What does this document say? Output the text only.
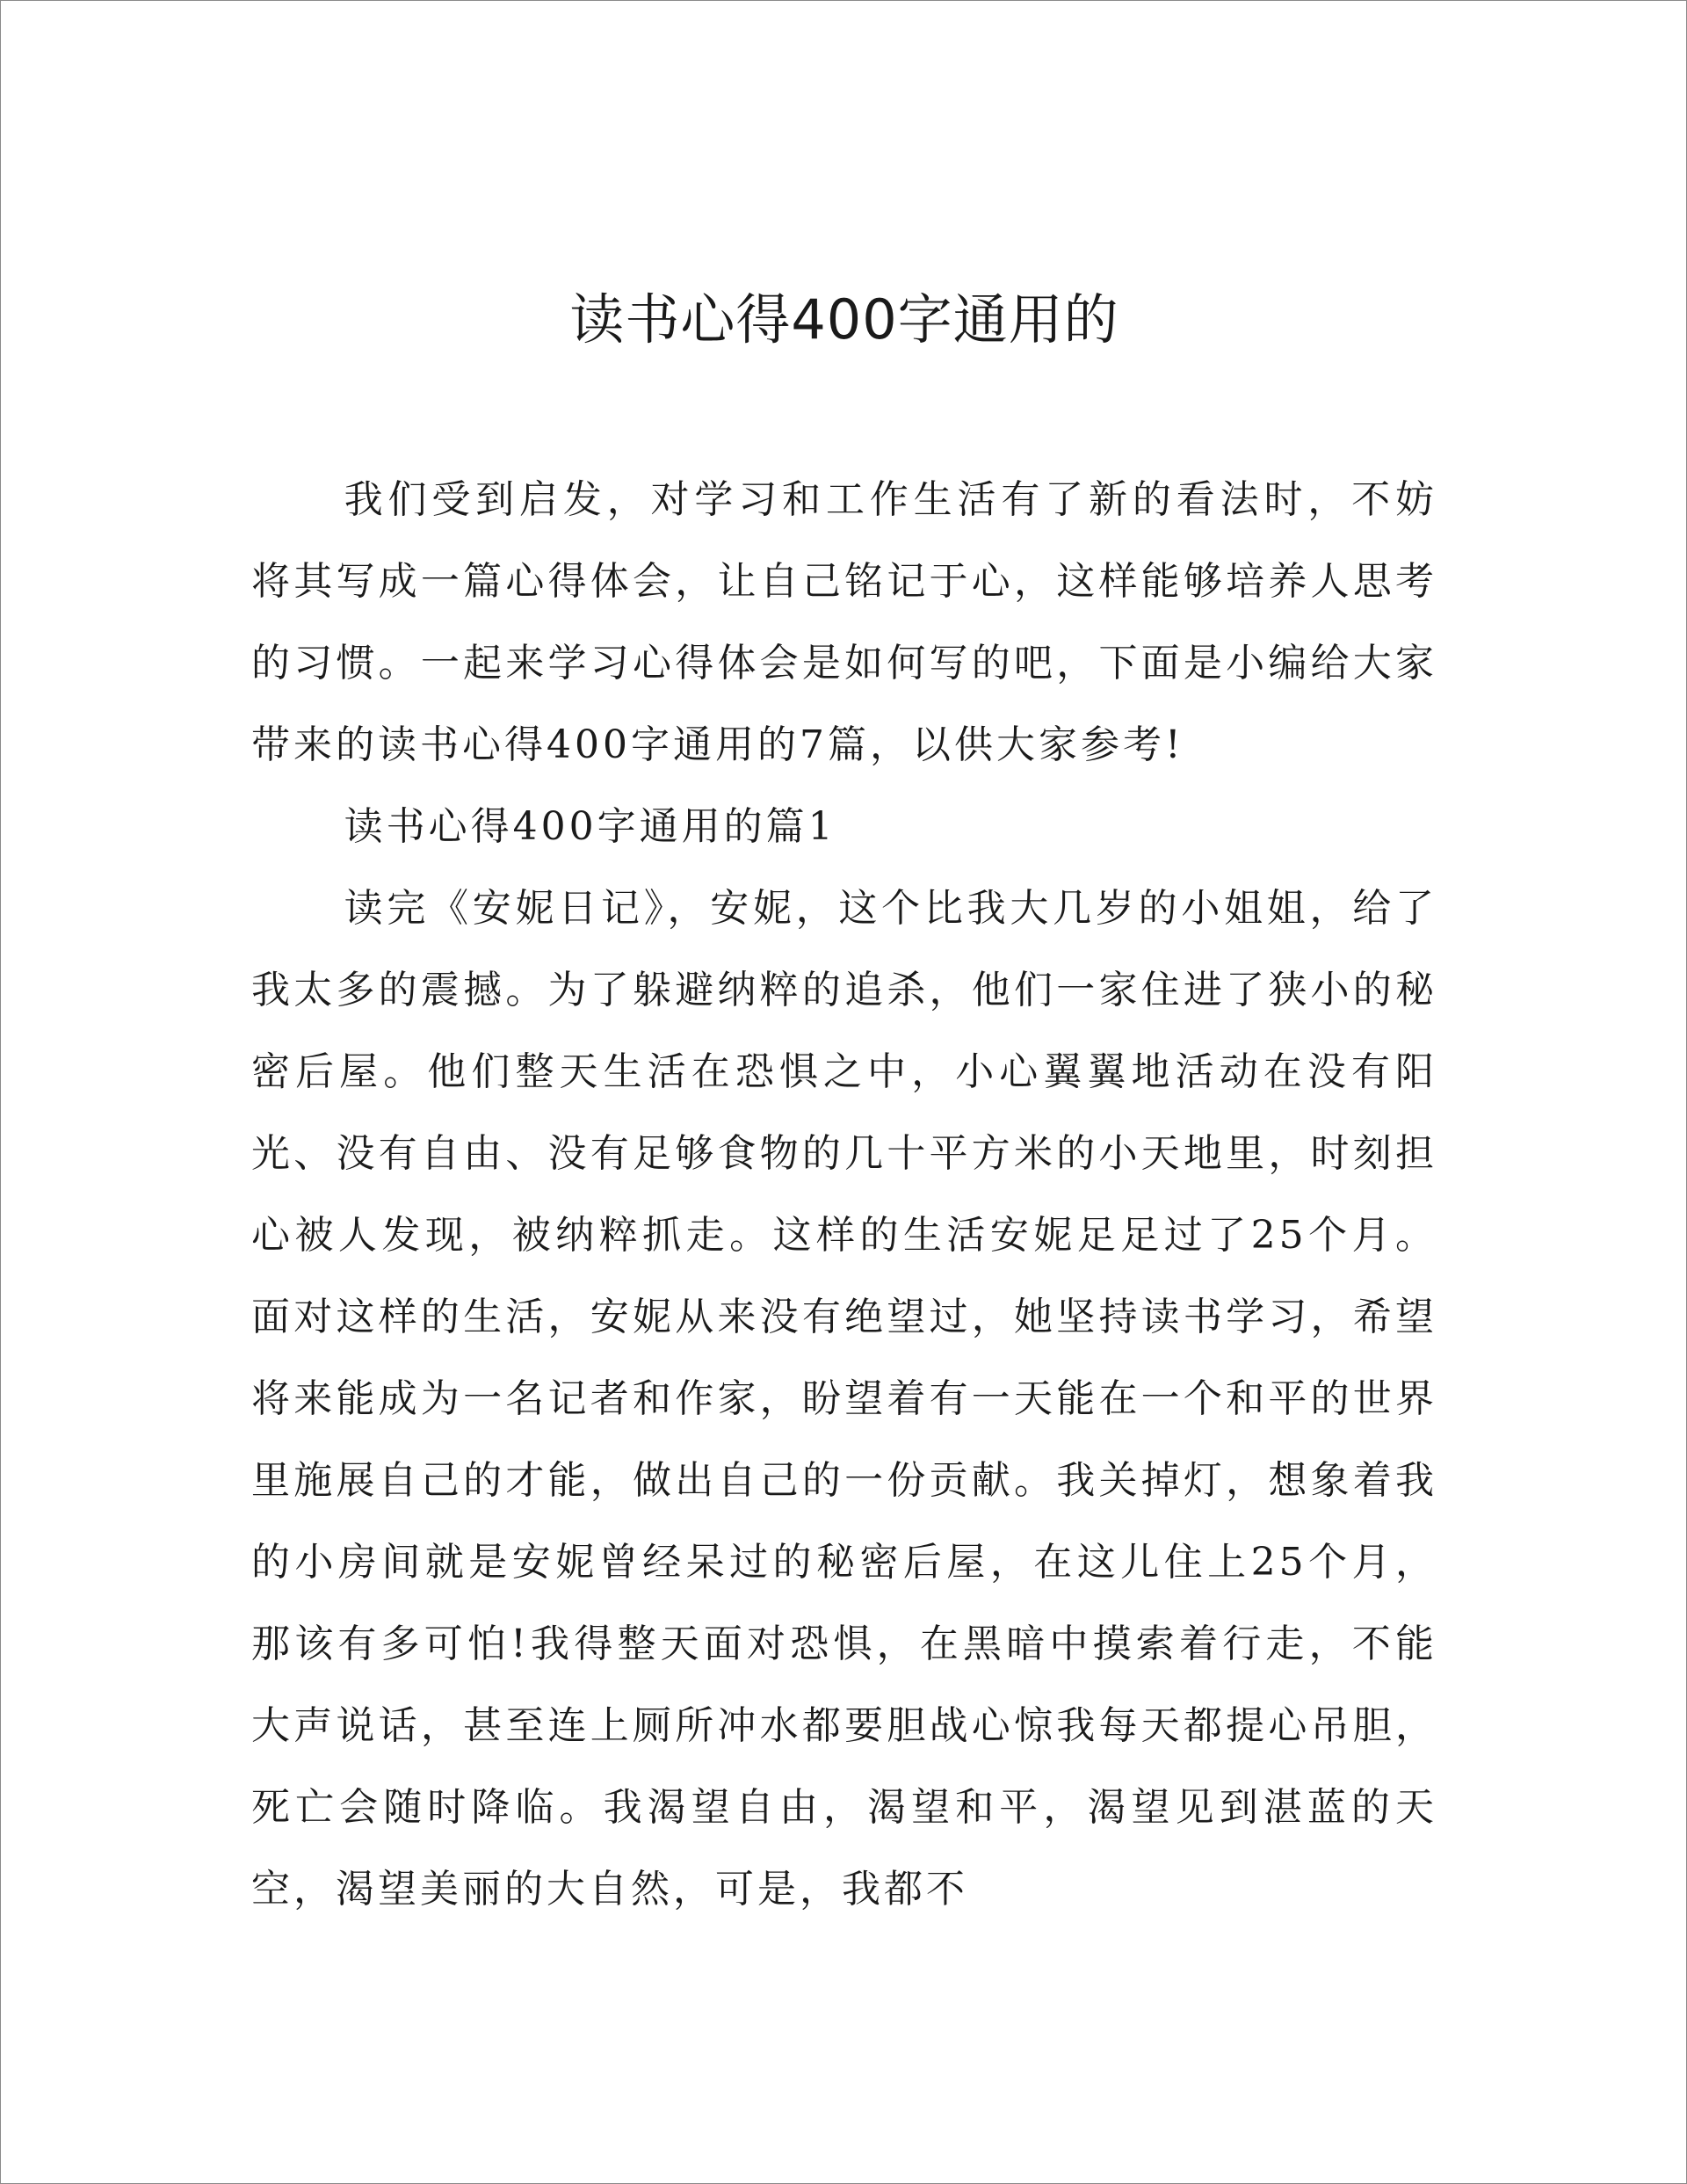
读书心得400字通用的

我们受到启发，对学习和工作生活有了新的看法时，不妨将其写成一篇心得体会，让自己铭记于心，这样能够培养人思考的习惯。一起来学习心得体会是如何写的吧，下面是小编给大家带来的读书心得400字通用的7篇，以供大家参考!

读书心得400字通用的篇1

读完《安妮日记》，安妮，这个比我大几岁的小姐姐，给了我太多的震撼。为了躲避纳粹的追杀，他们一家住进了狭小的秘密后屋。他们整天生活在恐惧之中，小心翼翼地活动在没有阳光、没有自由、没有足够食物的几十平方米的小天地里，时刻担心被人发现，被纳粹抓走。这样的生活安妮足足过了25个月。面对这样的生活，安妮从来没有绝望过，她坚持读书学习，希望将来能成为一名记者和作家，盼望着有一天能在一个和平的世界里施展自己的才能，做出自己的一份贡献。我关掉灯，想象着我的小房间就是安妮曾经呆过的秘密后屋，在这儿住上25个月，那该有多可怕!我得整天面对恐惧，在黑暗中摸索着行走，不能大声说话，甚至连上厕所冲水都要胆战心惊我每天都提心吊胆，死亡会随时降临。我渴望自由，渴望和平，渴望见到湛蓝的天空，渴望美丽的大自然，可是，我都不
